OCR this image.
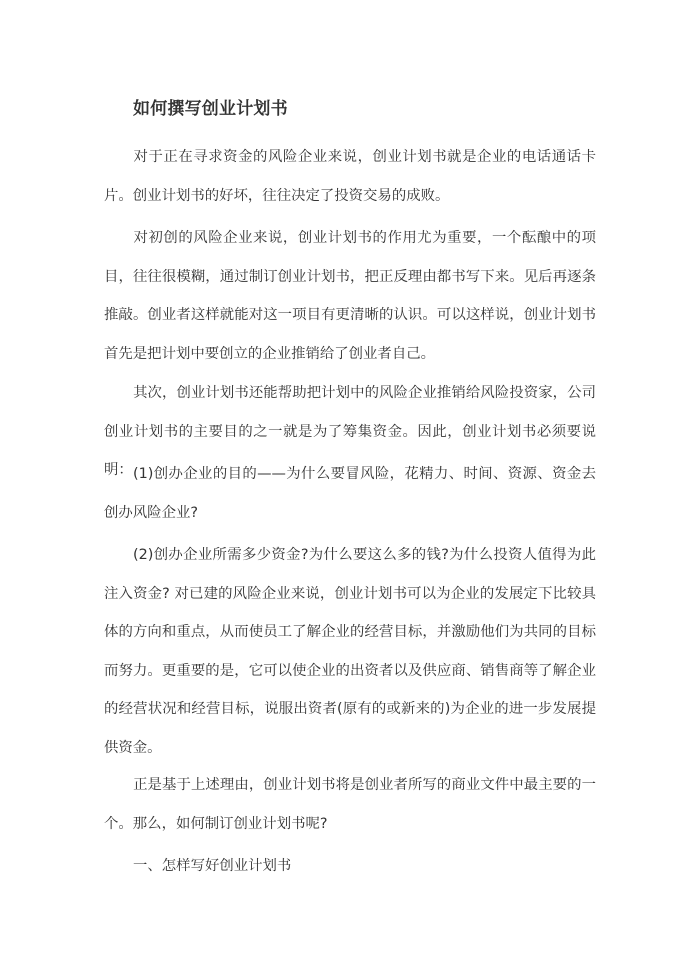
如何撰写创业计划书

对于正在寻求资金的风险企业来说，创业计划书就是企业的电话通话卡片。创业计划书的好坏，往往决定了投资交易的成败。

对初创的风险企业来说，创业计划书的作用尤为重要，一个酝酿中的项目，往往很模糊，通过制订创业计划书，把正反理由都书写下来。见后再逐条推敲。创业者这样就能对这一项目有更清晰的认识。可以这样说，创业计划书首先是把计划中要创立的企业推销给了创业者自己。

其次，创业计划书还能帮助把计划中的风险企业推销给风险投资家，公司创业计划书的主要目的之一就是为了筹集资金。因此，创业计划书必须要说明： (1)创办企业的目的——为什么要冒风险，花精力、时间、资源、资金去创办风险企业?

(2)创办企业所需多少资金?为什么要这么多的钱?为什么投资人值得为此注入资金? 对已建的风险企业来说，创业计划书可以为企业的发展定下比较具体的方向和重点，从而使员工了解企业的经营目标，并激励他们为共同的目标而努力。更重要的是，它可以使企业的出资者以及供应商、销售商等了解企业的经营状况和经营目标，说服出资者(原有的或新来的)为企业的进一步发展提供资金。

正是基于上述理由，创业计划书将是创业者所写的商业文件中最主要的一个。那么，如何制订创业计划书呢?

一、怎样写好创业计划书
